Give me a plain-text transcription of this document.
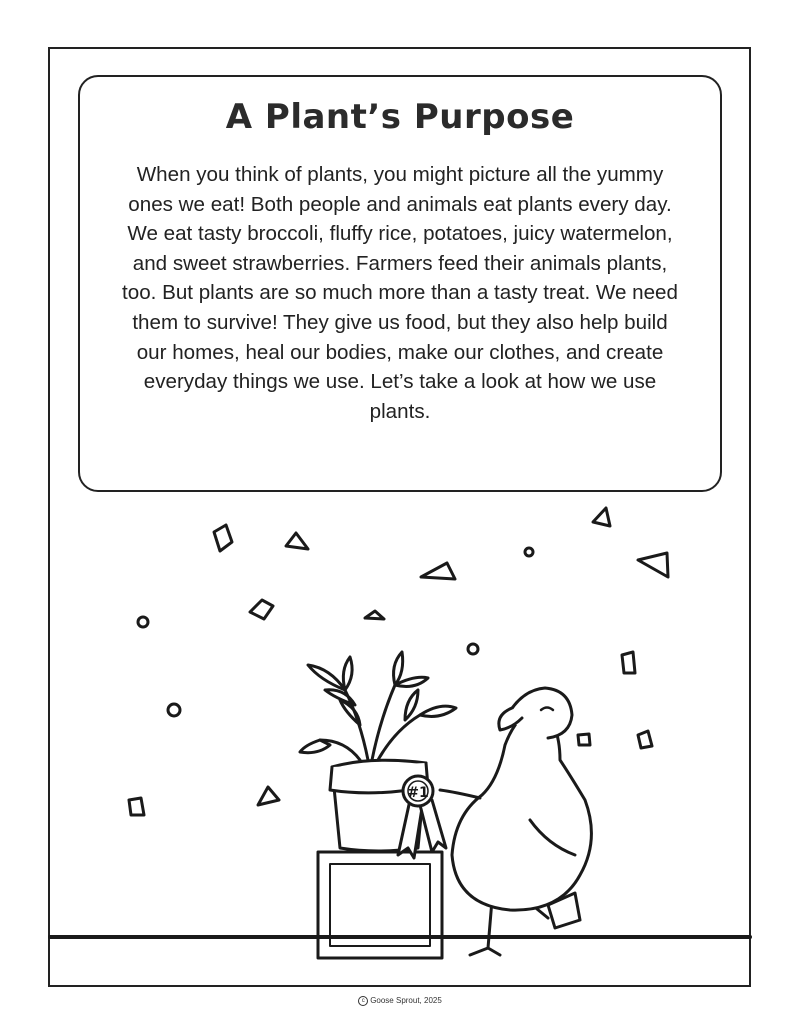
A Plant’s Purpose

When you think of plants, you might picture all the yummy ones we eat! Both people and animals eat plants every day. We eat tasty broccoli, fluffy rice, potatoes, juicy watermelon, and sweet strawberries. Farmers feed their animals plants, too. But plants are so much more than a tasty treat. We need them to survive! They give us food, but they also help build our homes, heal our bodies, make our clothes, and create everyday things we use. Let’s take a look at how we use plants.

#1
c Goose Sprout, 2025
